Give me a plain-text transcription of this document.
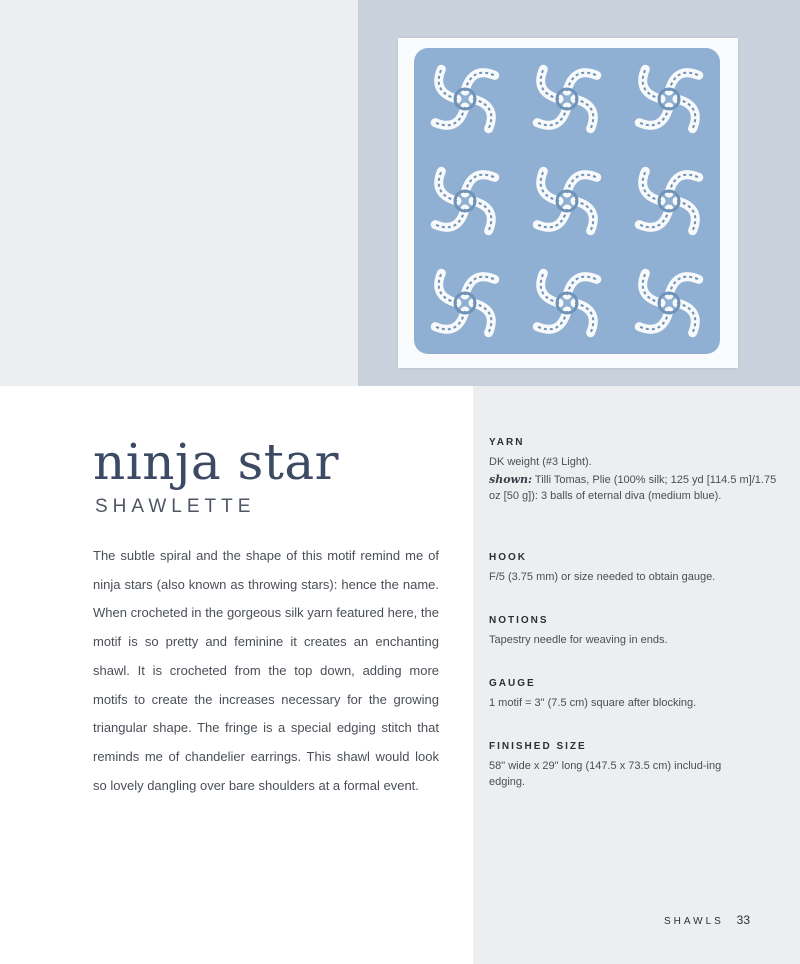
ninja star
SHAWLETTE

The subtle spiral and the shape of this motif remind me of ninja stars (also known as throwing stars): hence the name. When crocheted in the gorgeous silk yarn featured here, the motif is so pretty and feminine it creates an enchanting shawl. It is crocheted from the top down, adding more motifs to create the increases necessary for the growing triangular shape. The fringe is a special edging stitch that reminds me of chandelier earrings. This shawl would look so lovely dangling over bare shoulders at a formal event.

YARN

DK weight (#3 Light).

shown: Tilli Tomas, Plie (100% silk; 125 yd [114.5 m]/1.75 oz [50 g]): 3 balls of eternal diva (medium blue).

HOOK

F/5 (3.75 mm) or size needed to obtain gauge.

NOTIONS

Tapestry needle for weaving in ends.

GAUGE

1 motif = 3" (7.5 cm) square after blocking.

FINISHED SIZE

58" wide x 29" long (147.5 x 73.5 cm) includ-ing edging.

SHAWLS 33
